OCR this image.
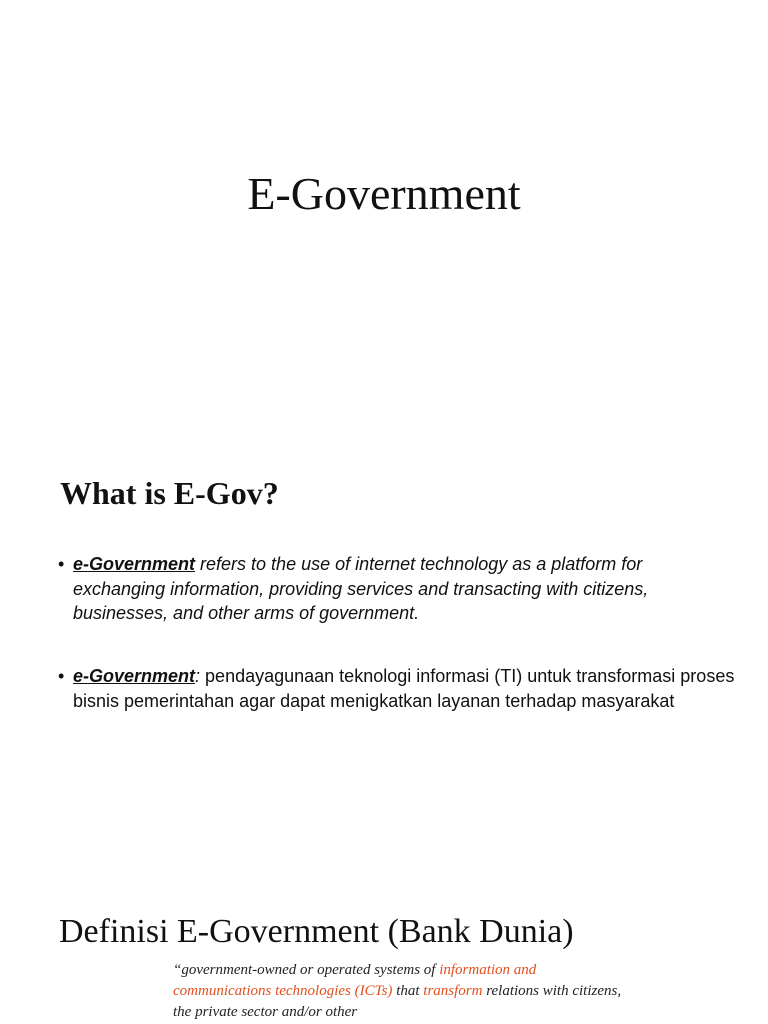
E-Government
What is E-Gov?
• e-Government refers to the use of internet technology as a platform for exchanging information, providing services and transacting with citizens, businesses, and other arms of government.
• e-Government: pendayagunaan teknologi informasi (TI) untuk transformasi proses bisnis pemerintahan agar dapat menigkatkan layanan terhadap masyarakat
Definisi E-Government (Bank Dunia)
“government-owned or operated systems of information and communications technologies (ICTs) that transform relations with citizens, the private sector and/or other
